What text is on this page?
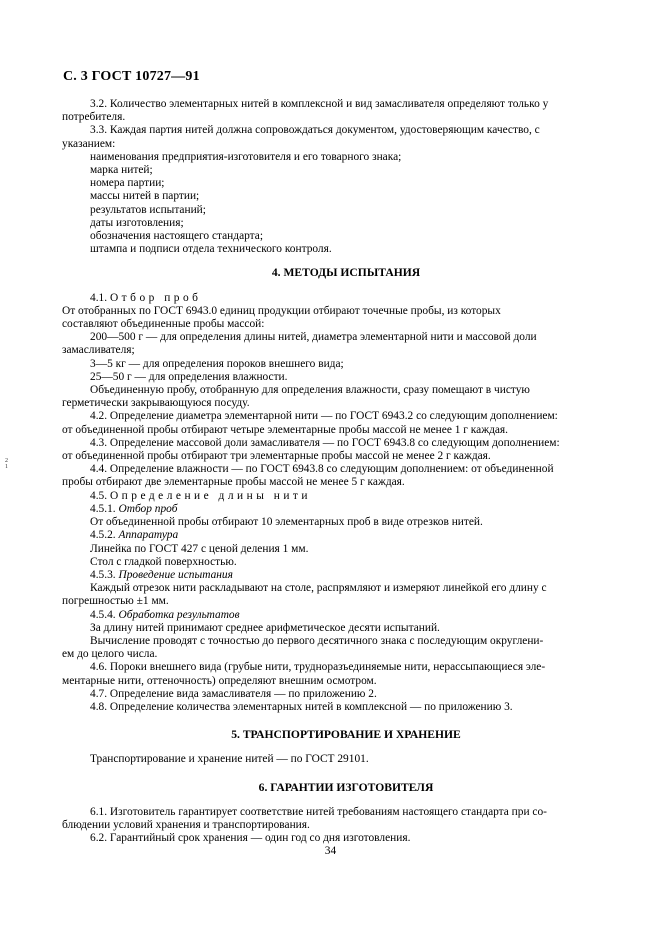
С. 3 ГОСТ 10727—91
2 1

3.2. Количество элементарных нитей в комплексной и вид замасливателя определяют только у

потребителя.

3.3. Каждая партия нитей должна сопровождаться документом, удостоверяющим качество, с

указанием:

наименования предприятия-изготовителя и его товарного знака;

марка нитей;

номера партии;

массы нитей в партии;

результатов испытаний;

даты изготовления;

обозначения настоящего стандарта;

штампа и подписи отдела технического контроля.

4. МЕТОДЫ ИСПЫТАНИЯ

4.1. Отбор проб

От отобранных по ГОСТ 6943.0 единиц продукции отбирают точечные пробы, из которых

составляют объединенные пробы массой:

200—500 г — для определения длины нитей, диаметра элементарной нити и массовой доли

замасливателя;

3—5 кг — для определения пороков внешнего вида;

25—50 г — для определения влажности.

Объединенную пробу, отобранную для определения влажности, сразу помещают в чистую

герметически закрывающуюся посуду.

4.2. Определение диаметра элементарной нити — по ГОСТ 6943.2 со следующим дополнением:

от объединенной пробы отбирают четыре элементарные пробы массой не менее 1 г каждая.

4.3. Определение массовой доли замасливателя — по ГОСТ 6943.8 со следующим дополнением:

от объединенной пробы отбирают три элементарные пробы массой не менее 2 г каждая.

4.4. Определение влажности — по ГОСТ 6943.8 со следующим дополнением: от объединенной

пробы отбирают две элементарные пробы массой не менее 5 г каждая.

4.5. Определение длины нити

4.5.1. Отбор проб

От объединенной пробы отбирают 10 элементарных проб в виде отрезков нитей.

4.5.2. Аппаратура

Линейка по ГОСТ 427 с ценой деления 1 мм.

Стол с гладкой поверхностью.

4.5.3. Проведение испытания

Каждый отрезок нити раскладывают на столе, распрямляют и измеряют линейкой его длину с

погрешностью ±1 мм.

4.5.4. Обработка результатов

За длину нитей принимают среднее арифметическое десяти испытаний.

Вычисление проводят с точностью до первого десятичного знака с последующим округлени-

ем до целого числа.

4.6. Пороки внешнего вида (грубые нити, трудноразъединяемые нити, нерассыпающиеся эле-

ментарные нити, оттеночность) определяют внешним осмотром.

4.7. Определение вида замасливателя — по приложению 2.

4.8. Определение количества элементарных нитей в комплексной — по приложению 3.

5. ТРАНСПОРТИРОВАНИЕ И ХРАНЕНИЕ

Транспортирование и хранение нитей — по ГОСТ 29101.

6. ГАРАНТИИ ИЗГОТОВИТЕЛЯ

6.1. Изготовитель гарантирует соответствие нитей требованиям настоящего стандарта при со-

блюдении условий хранения и транспортирования.

6.2. Гарантийный срок хранения — один год со дня изготовления.

34
